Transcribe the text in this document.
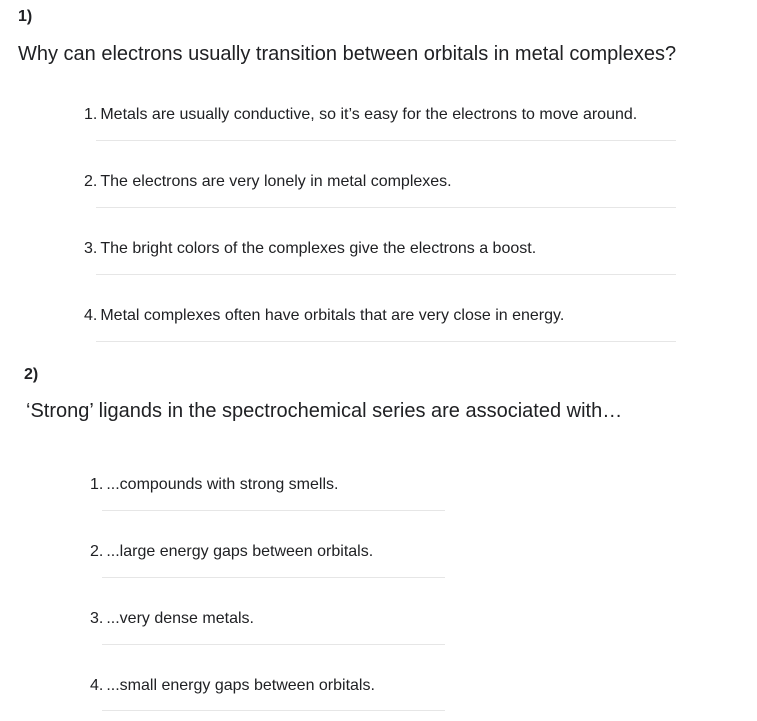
1)
Why can electrons usually transition between orbitals in metal complexes?
1. Metals are usually conductive, so it’s easy for the electrons to move around.
2. The electrons are very lonely in metal complexes.
3. The bright colors of the complexes give the electrons a boost.
4. Metal complexes often have orbitals that are very close in energy.
2)
‘Strong’ ligands in the spectrochemical series are associated with…
1. ...compounds with strong smells.
2. ...large energy gaps between orbitals.
3. ...very dense metals.
4. ...small energy gaps between orbitals.
